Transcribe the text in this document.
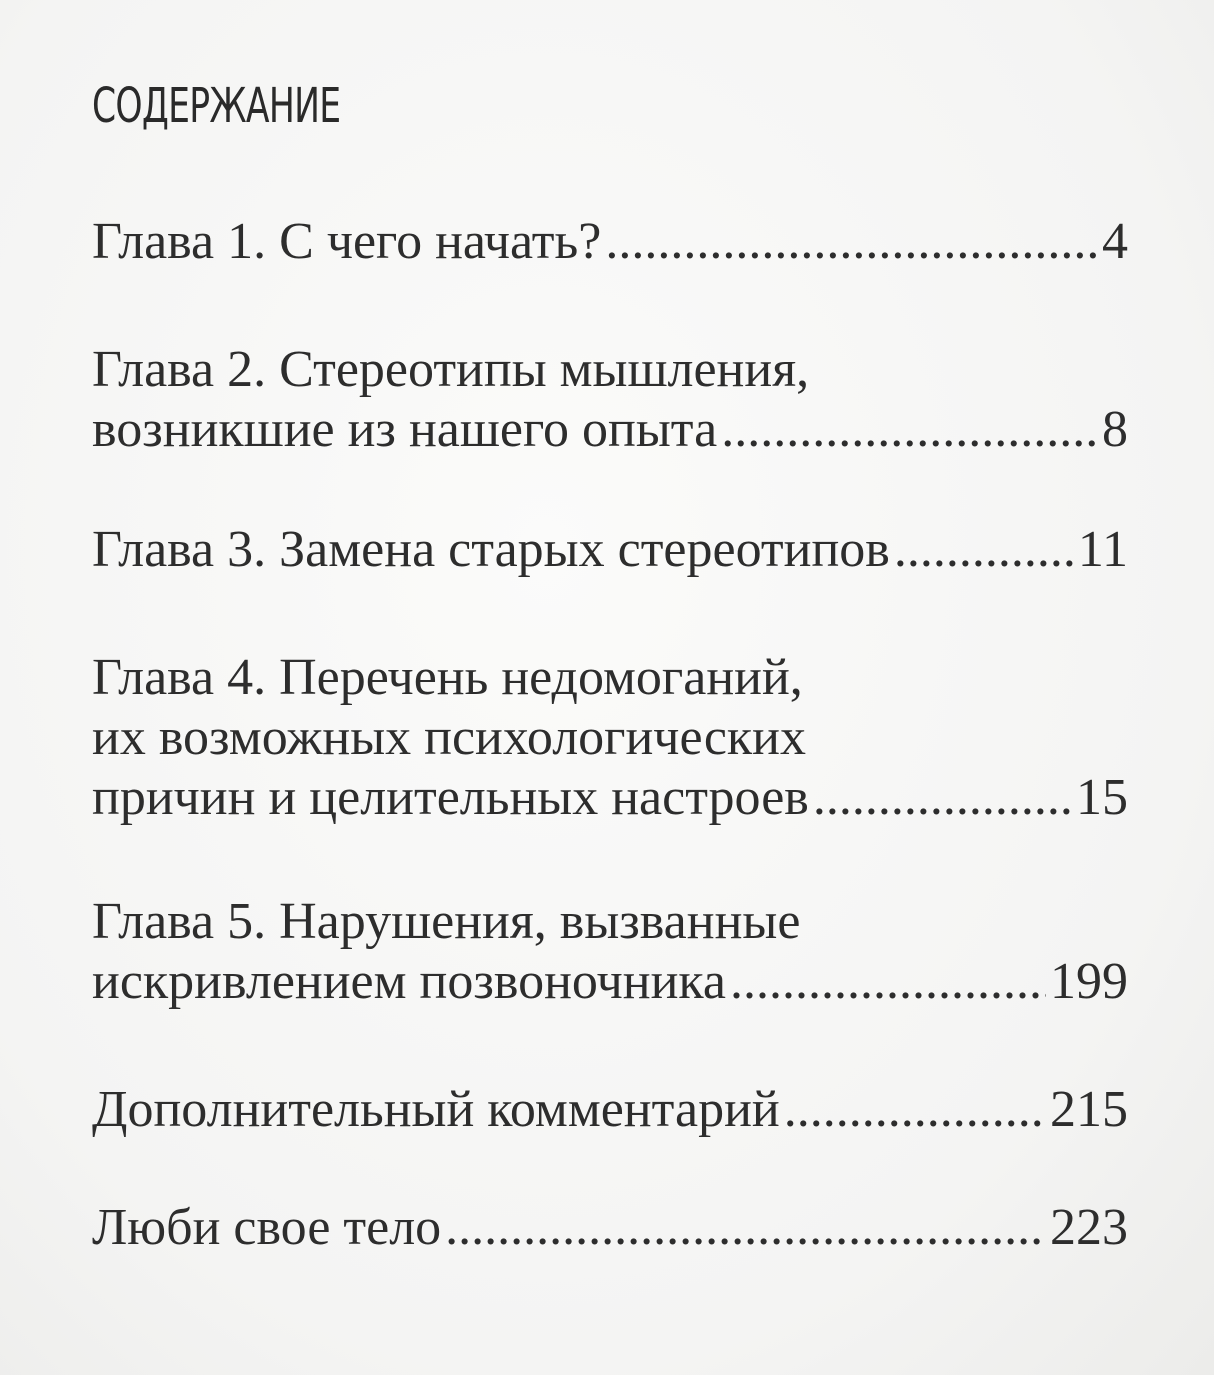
СОДЕРЖАНИЕ
Глава 1. С чего начать? .....	4
Глава 2. Стереотипы мышления,
возникшие из нашего опыта .....	8
Глава 3. Замена старых стереотипов .....	11
Глава 4. Перечень недомоганий,
их возможных психологических
причин и целительных настроев .....	15
Глава 5. Нарушения, вызванные
искривлением позвоночника .....	199
Дополнительный комментарий .....	215
Люби свое тело .....	223
